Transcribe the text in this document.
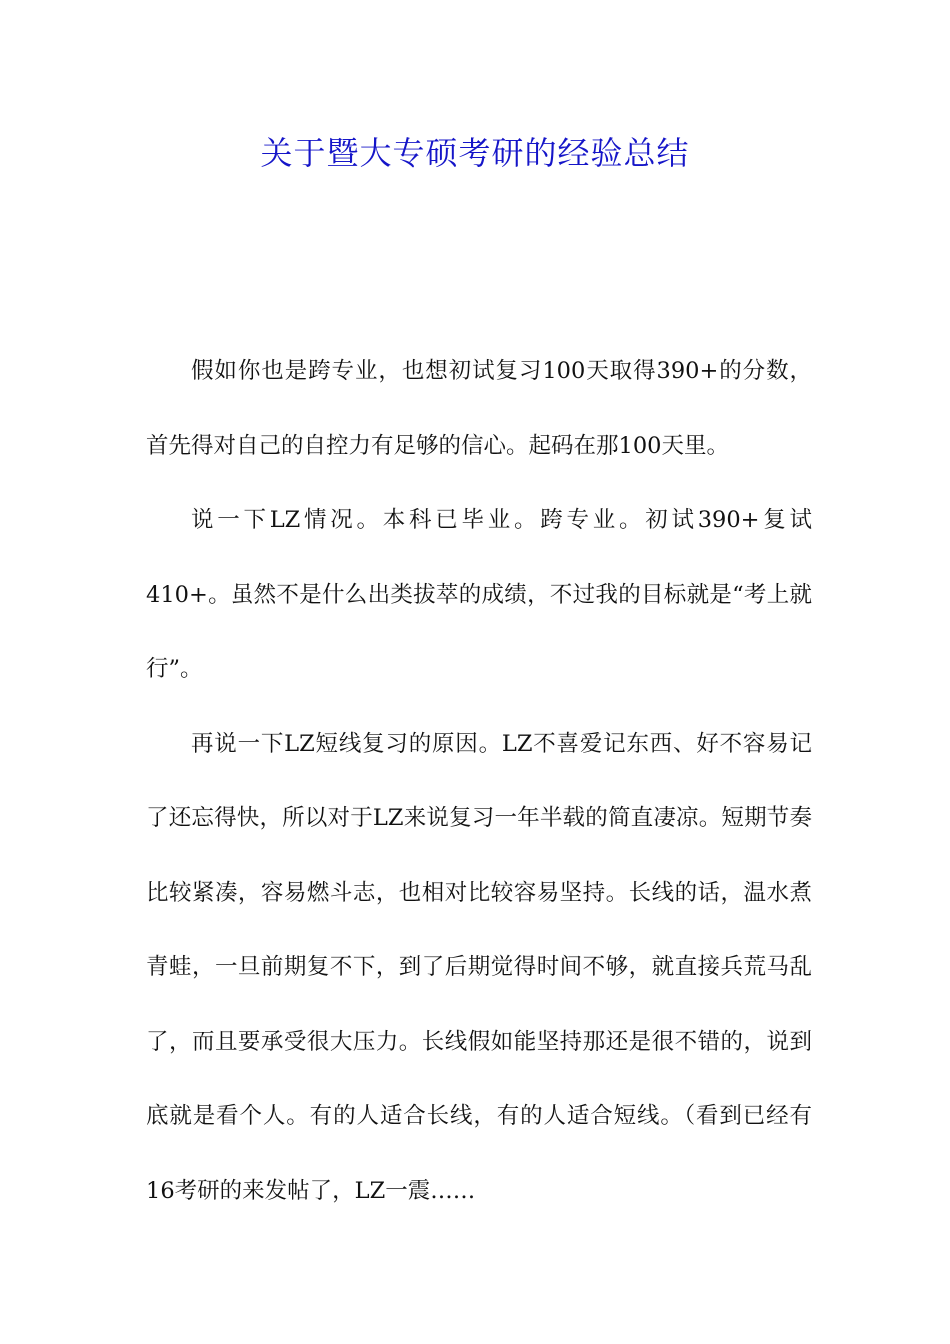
关于暨大专硕考研的经验总结

假如你也是跨专业，也想初试复习100天取得390+的分数，首先得对自己的自控力有足够的信心。起码在那100天里。

说一下LZ情况。本科已毕业。跨专业。初试390+复试410+。虽然不是什么出类拔萃的成绩，不过我的目标就是“考上就行”。

再说一下LZ短线复习的原因。LZ不喜爱记东西、好不容易记了还忘得快，所以对于LZ来说复习一年半载的简直凄凉。短期节奏比较紧凑，容易燃斗志，也相对比较容易坚持。长线的话，温水煮青蛙，一旦前期复不下，到了后期觉得时间不够，就直接兵荒马乱了，而且要承受很大压力。长线假如能坚持那还是很不错的，说到底就是看个人。有的人适合长线，有的人适合短线。（看到已经有16考研的来发帖了，LZ一震……
